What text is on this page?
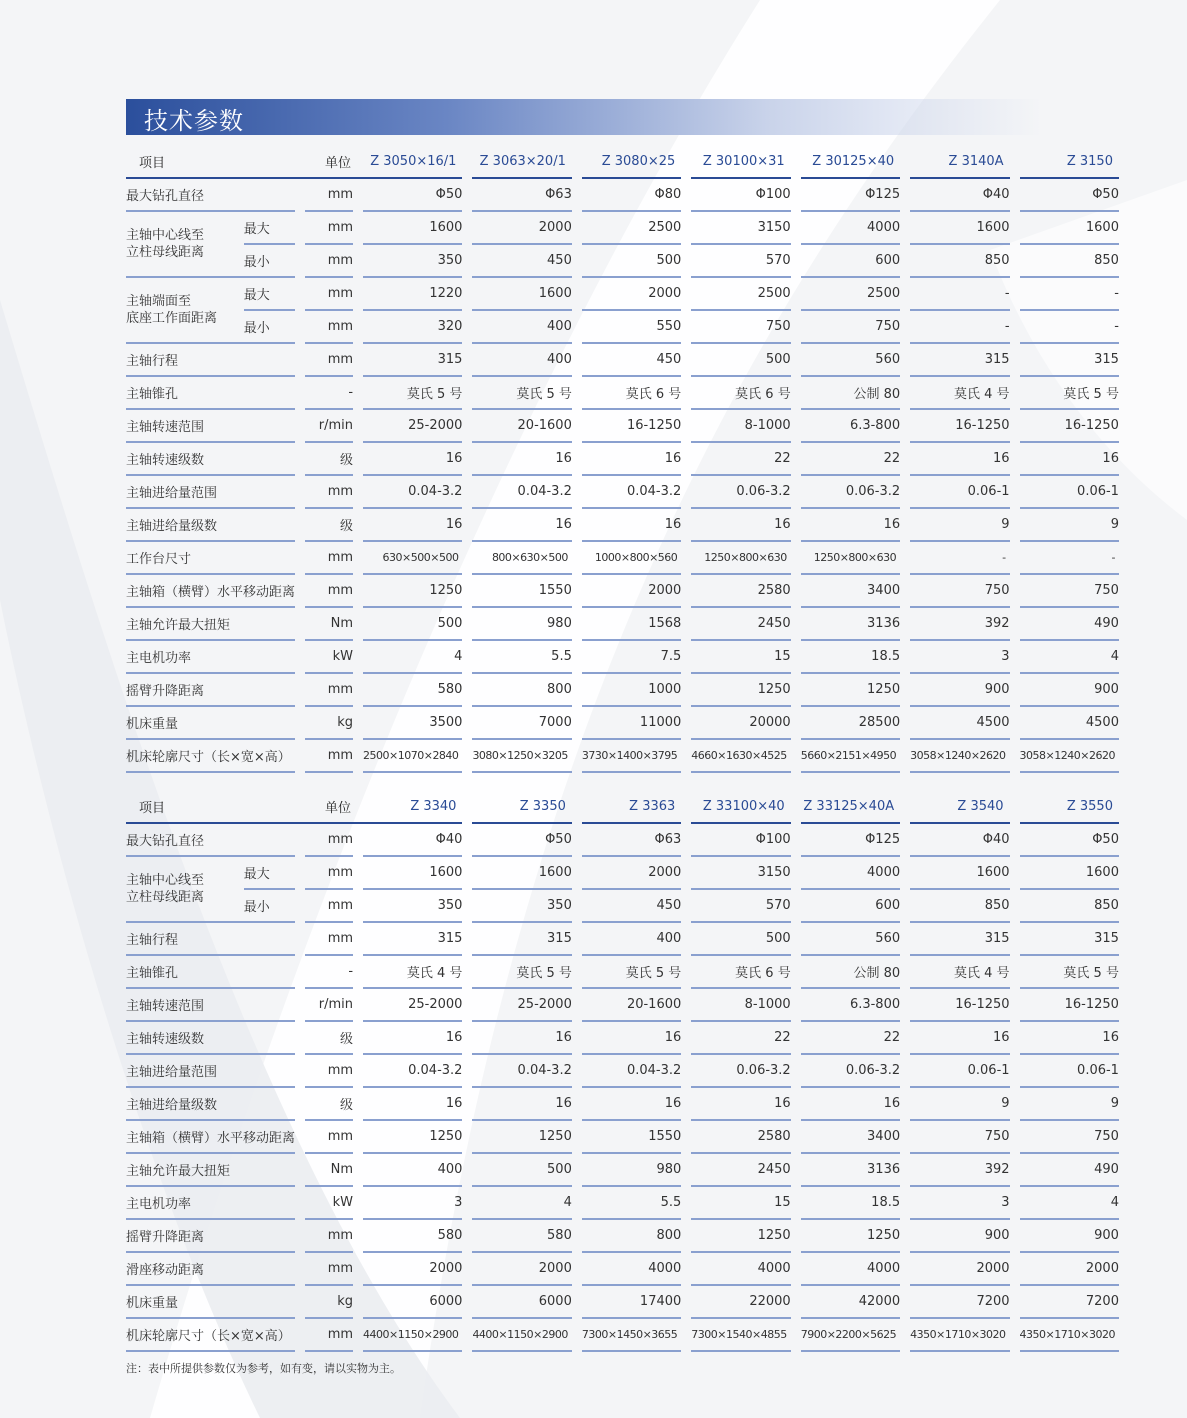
技术参数
项目			单位		Z 3050×16/1		Z 3063×20/1		Z 3080×25		Z 30100×31		Z 30125×40		Z 3140A		Z 3150
最大钻孔直径			mm		Φ50		Φ63		Φ80		Φ100		Φ125		Φ40		Φ50

主轴中心线至
立柱母线距离	最大		mm		1600		2000		2500		3150		4000		1600		1600
	最小		mm		350		450		500		570		600		850		850

主轴端面至
底座工作面距离	最大		mm		1220		1600		2000		2500		2500		-		-
	最小		mm		320		400		550		750		750		-		-
主轴行程			mm		315		400		450		500		560		315		315
主轴锥孔			-		莫氏 5 号		莫氏 5 号		莫氏 6 号		莫氏 6 号		公制 80		莫氏 4 号		莫氏 5 号
主轴转速范围			r/min		25-2000		20-1600		16-1250		8-1000		6.3-800		16-1250		16-1250
主轴转速级数			级		16		16		16		22		22		16		16
主轴进给量范围			mm		0.04-3.2		0.04-3.2		0.04-3.2		0.06-3.2		0.06-3.2		0.06-1		0.06-1
主轴进给量级数			级		16		16		16		16		16		9		9
工作台尺寸			mm		630×500×500		800×630×500		1000×800×560		1250×800×630		1250×800×630		-		-
主轴箱（横臂）水平移动距离			mm		1250		1550		2000		2580		3400		750		750
主轴允许最大扭矩			Nm		500		980		1568		2450		3136		392		490
主电机功率			kW		4		5.5		7.5		15		18.5		3		4
摇臂升降距离			mm		580		800		1000		1250		1250		900		900
机床重量			kg		3500		7000		11000		20000		28500		4500		4500
机床轮廓尺寸（长×宽×高）			mm		2500×1070×2840		3080×1250×3205		3730×1400×3795		4660×1630×4525		5660×2151×4950		3058×1240×2620		3058×1240×2620
项目			单位		Z 3340		Z 3350		Z 3363		Z 33100×40		Z 33125×40A		Z 3540		Z 3550
最大钻孔直径			mm		Φ40		Φ50		Φ63		Φ100		Φ125		Φ40		Φ50

主轴中心线至
立柱母线距离	最大		mm		1600		1600		2000		3150		4000		1600		1600
	最小		mm		350		350		450		570		600		850		850
主轴行程			mm		315		315		400		500		560		315		315
主轴锥孔			-		莫氏 4 号		莫氏 5 号		莫氏 5 号		莫氏 6 号		公制 80		莫氏 4 号		莫氏 5 号
主轴转速范围			r/min		25-2000		25-2000		20-1600		8-1000		6.3-800		16-1250		16-1250
主轴转速级数			级		16		16		16		22		22		16		16
主轴进给量范围			mm		0.04-3.2		0.04-3.2		0.04-3.2		0.06-3.2		0.06-3.2		0.06-1		0.06-1
主轴进给量级数			级		16		16		16		16		16		9		9
主轴箱（横臂）水平移动距离			mm		1250		1250		1550		2580		3400		750		750
主轴允许最大扭矩			Nm		400		500		980		2450		3136		392		490
主电机功率			kW		3		4		5.5		15		18.5		3		4
摇臂升降距离			mm		580		580		800		1250		1250		900		900
滑座移动距离			mm		2000		2000		4000		4000		4000		2000		2000
机床重量			kg		6000		6000		17400		22000		42000		7200		7200
机床轮廓尺寸（长×宽×高）			mm		4400×1150×2900		4400×1150×2900		7300×1450×3655		7300×1540×4855		7900×2200×5625		4350×1710×3020		4350×1710×3020
注：表中所提供参数仅为参考，如有变，请以实物为主。
